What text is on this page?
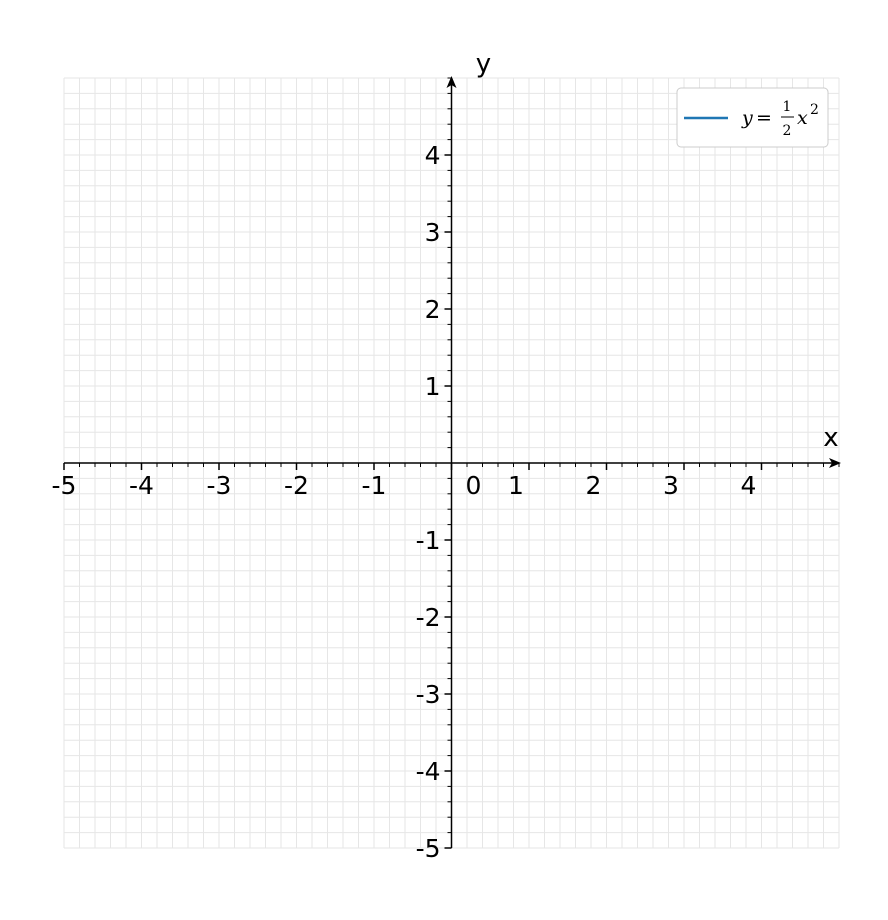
-5 -4 -3 -2 -1	0 1 2 3 4
-5
-4
-3
-2
-1
1
2
3
4
x
y
y = 1
2
x 2
